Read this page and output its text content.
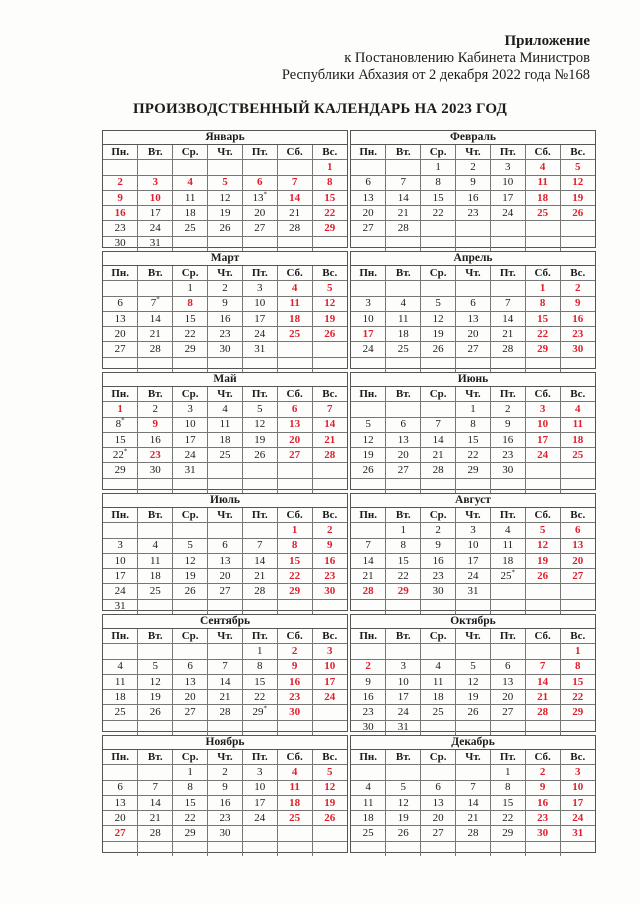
Приложение
к Постановлению Кабинета Министров
Республики Абхазия от 2 декабря 2022 года №168
ПРОИЗВОДСТВЕННЫЙ КАЛЕНДАРЬ НА 2023 ГОД
Январь
Пн.	Вт.	Ср.	Чт.	Пт.	Сб.	Вс.
						1
2	3	4	5	6	7	8
9	10	11	12	13*	14	15
16	17	18	19	20	21	22
23	24	25	26	27	28	29
30	31					
Февраль
Пн.	Вт.	Ср.	Чт.	Пт.	Сб.	Вс.
		1	2	3	4	5
6	7	8	9	10	11	12
13	14	15	16	17	18	19
20	21	22	23	24	25	26
27	28					

Март
Пн.	Вт.	Ср.	Чт.	Пт.	Сб.	Вс.
		1	2	3	4	5
6	7*	8	9	10	11	12
13	14	15	16	17	18	19
20	21	22	23	24	25	26
27	28	29	30	31		

Апрель
Пн.	Вт.	Ср.	Чт.	Пт.	Сб.	Вс.
					1	2
3	4	5	6	7	8	9
10	11	12	13	14	15	16
17	18	19	20	21	22	23
24	25	26	27	28	29	30

Май
Пн.	Вт.	Ср.	Чт.	Пт.	Сб.	Вс.
1	2	3	4	5	6	7
8*	9	10	11	12	13	14
15	16	17	18	19	20	21
22*	23	24	25	26	27	28
29	30	31				

Июнь
Пн.	Вт.	Ср.	Чт.	Пт.	Сб.	Вс.
			1	2	3	4
5	6	7	8	9	10	11
12	13	14	15	16	17	18
19	20	21	22	23	24	25
26	27	28	29	30		

Июль
Пн.	Вт.	Ср.	Чт.	Пт.	Сб.	Вс.
					1	2
3	4	5	6	7	8	9
10	11	12	13	14	15	16
17	18	19	20	21	22	23
24	25	26	27	28	29	30
31						
Август
Пн.	Вт.	Ср.	Чт.	Пт.	Сб.	Вс.
	1	2	3	4	5	6
7	8	9	10	11	12	13
14	15	16	17	18	19	20
21	22	23	24	25*	26	27
28	29	30	31			

Сентябрь
Пн.	Вт.	Ср.	Чт.	Пт.	Сб.	Вс.
				1	2	3
4	5	6	7	8	9	10
11	12	13	14	15	16	17
18	19	20	21	22	23	24
25	26	27	28	29*	30	

Октябрь
Пн.	Вт.	Ср.	Чт.	Пт.	Сб.	Вс.
						1
2	3	4	5	6	7	8
9	10	11	12	13	14	15
16	17	18	19	20	21	22
23	24	25	26	27	28	29
30	31					
Ноябрь
Пн.	Вт.	Ср.	Чт.	Пт.	Сб.	Вс.
		1	2	3	4	5
6	7	8	9	10	11	12
13	14	15	16	17	18	19
20	21	22	23	24	25	26
27	28	29	30			

Декабрь
Пн.	Вт.	Ср.	Чт.	Пт.	Сб.	Вс.
				1	2	3
4	5	6	7	8	9	10
11	12	13	14	15	16	17
18	19	20	21	22	23	24
25	26	27	28	29	30	31
